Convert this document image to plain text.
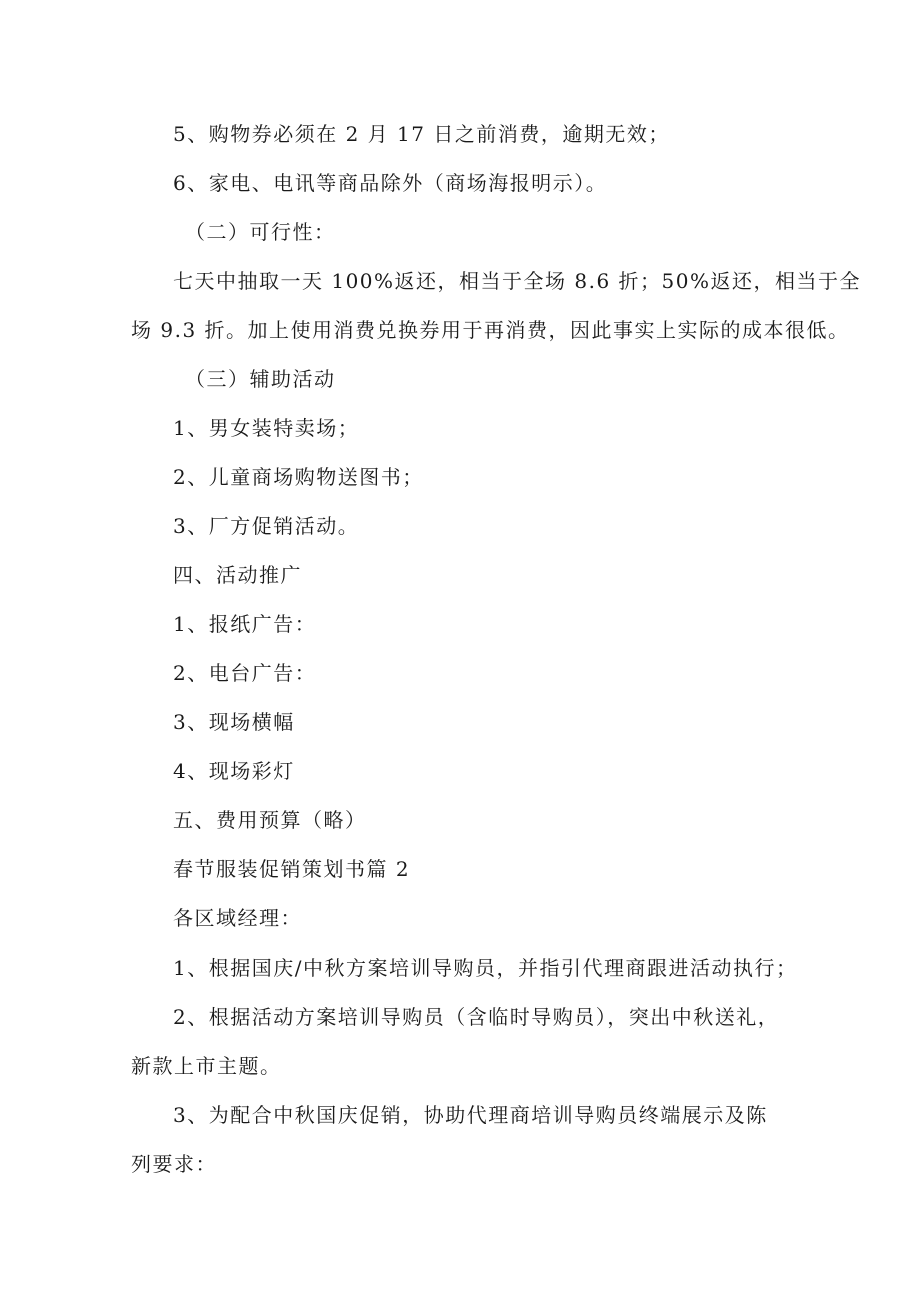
5、购物券必须在 2 月 17 日之前消费，逾期无效；
6、家电、电讯等商品除外（商场海报明示）。
（二）可行性：
七天中抽取一天 100%返还，相当于全场 8.6 折；50%返还，相当于全
场 9.3 折。加上使用消费兑换券用于再消费，因此事实上实际的成本很低。
（三）辅助活动
1、男女装特卖场；
2、儿童商场购物送图书；
3、厂方促销活动。
四、活动推广
1、报纸广告：
2、电台广告：
3、现场横幅
4、现场彩灯
五、费用预算（略）
春节服装促销策划书篇 2
各区域经理：
1、根据国庆/中秋方案培训导购员，并指引代理商跟进活动执行；
2、根据活动方案培训导购员（含临时导购员），突出中秋送礼，
新款上市主题。
3、为配合中秋国庆促销，协助代理商培训导购员终端展示及陈
列要求：
